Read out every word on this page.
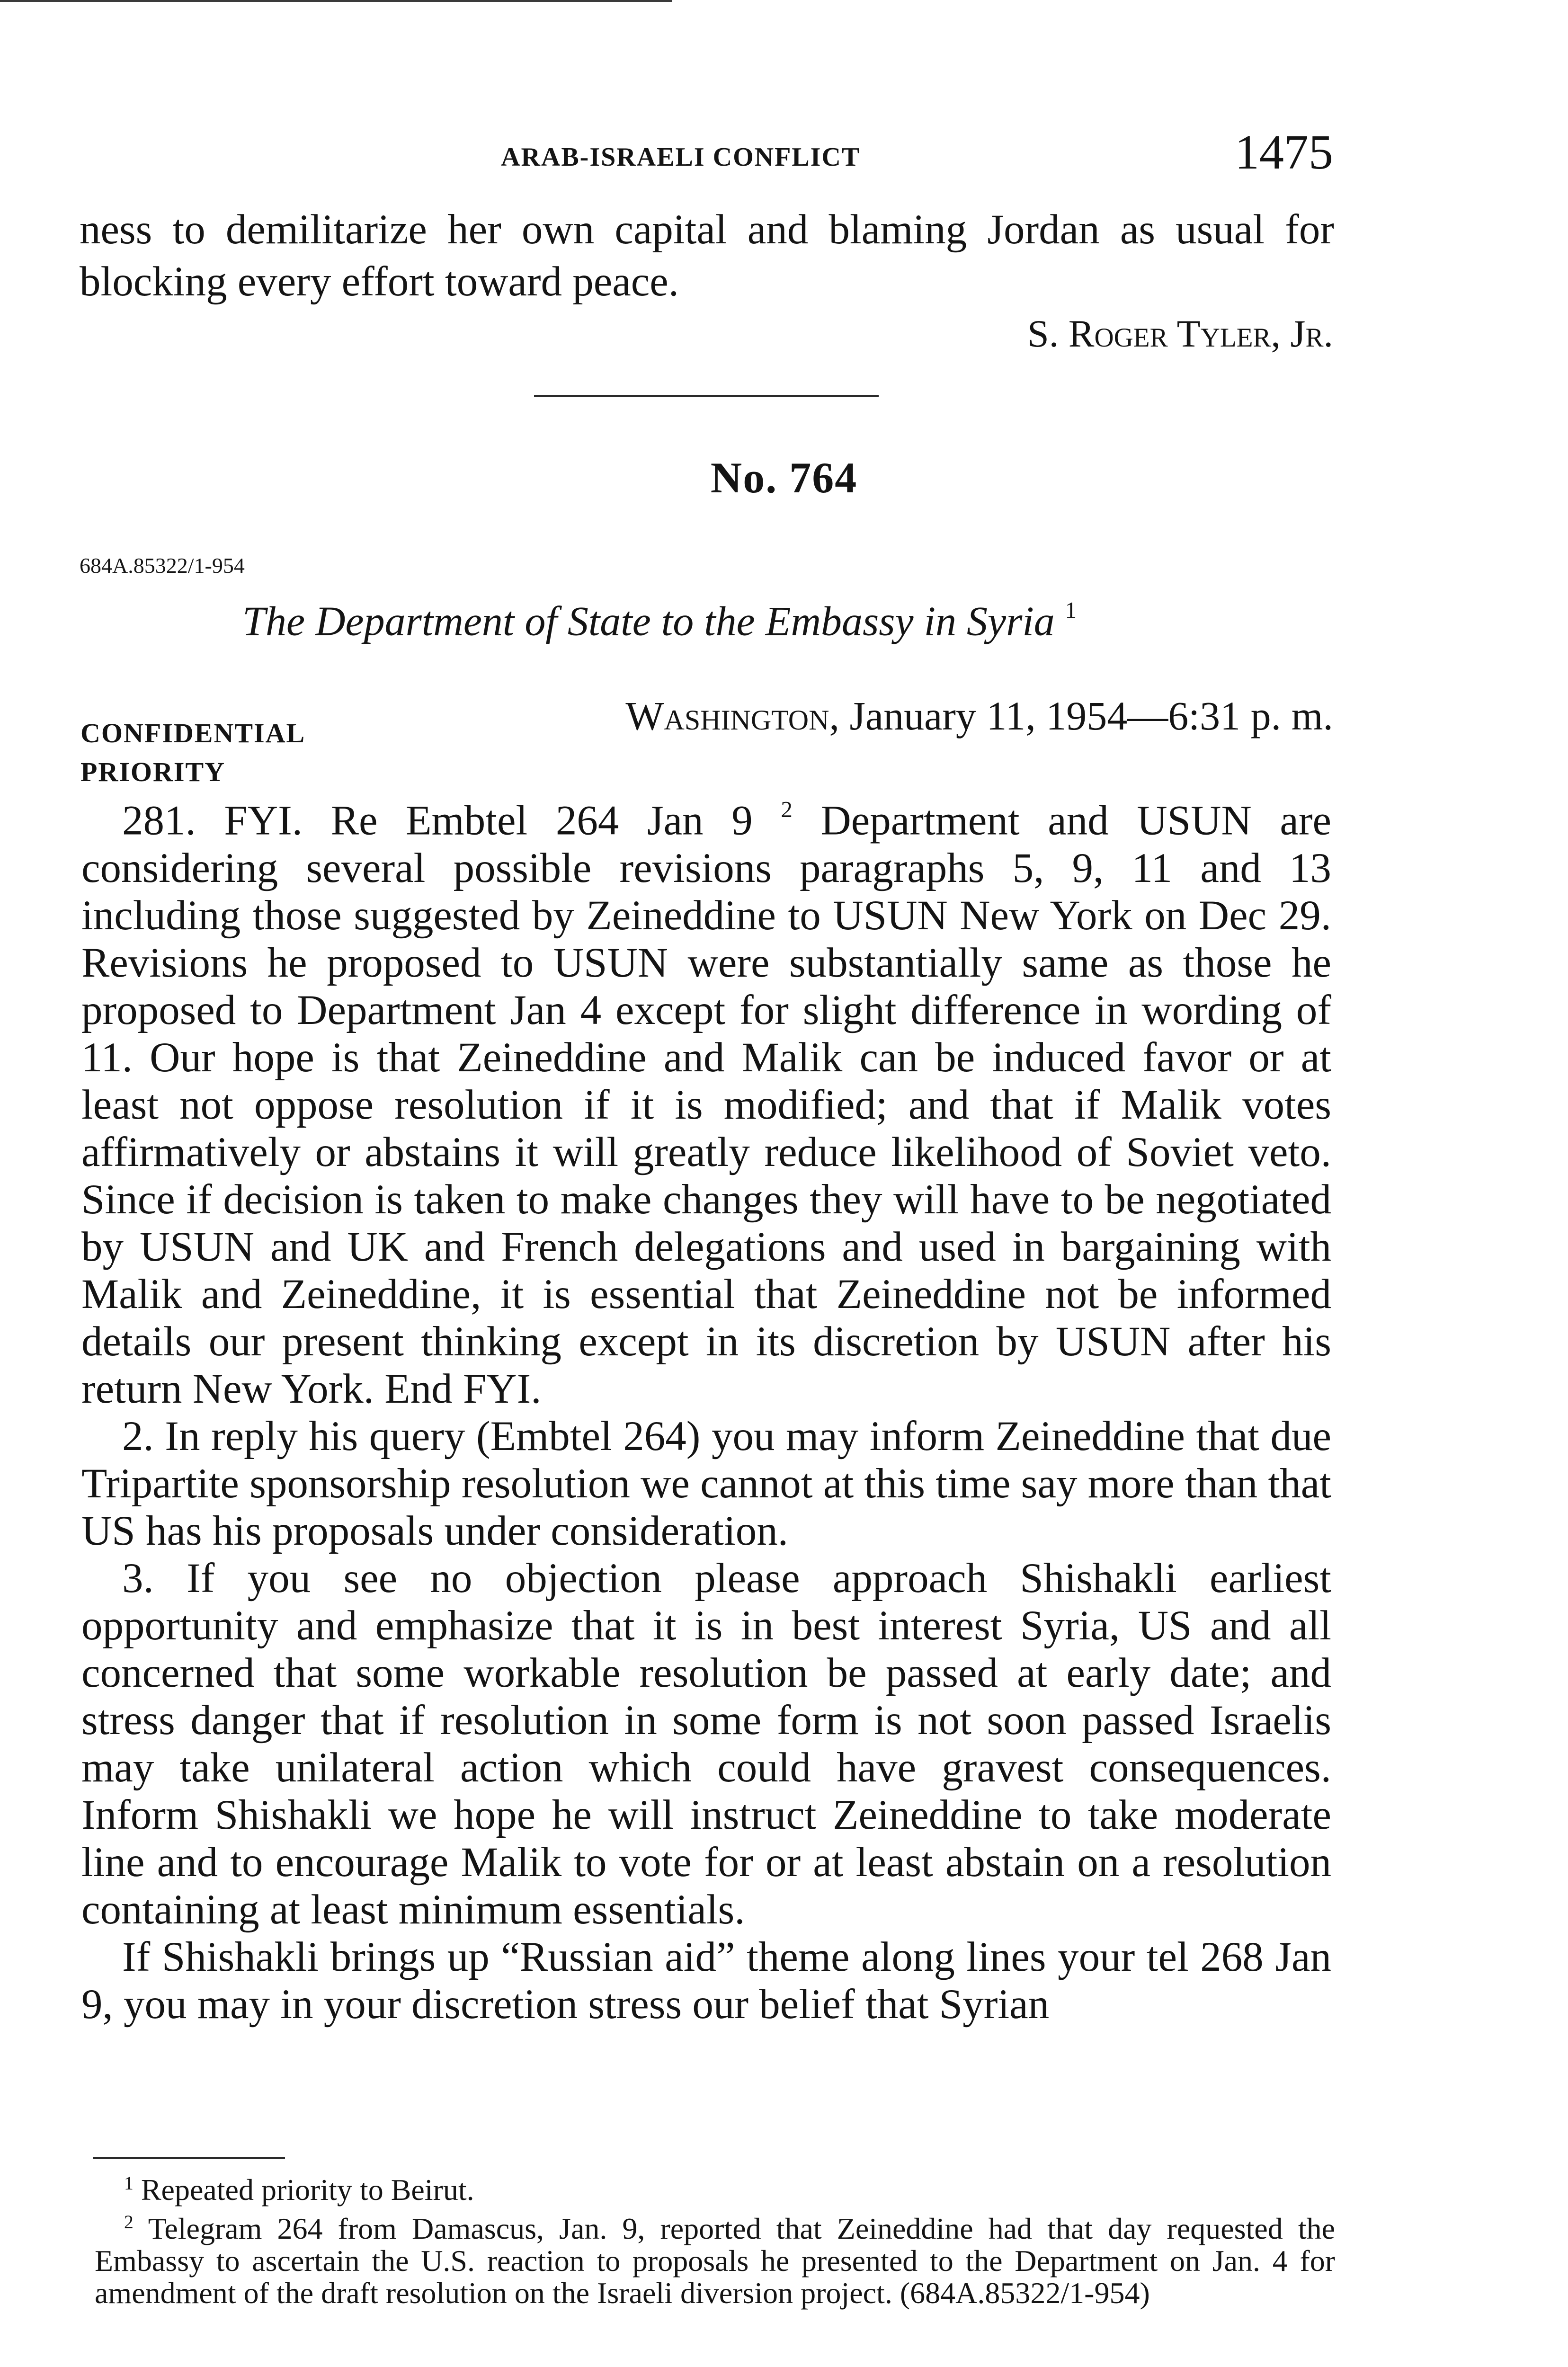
ARAB-ISRAELI CONFLICT	1475

ness to demilitarize her own capital and blaming Jordan as usual for blocking every effort toward peace.

S. Roger Tyler, Jr.
No. 764
684A.85322/1-954
The Department of State to the Embassy in Syria $^1$
CONFIDENTIAL
PRIORITY
Washington, January 11, 1954—6:31 p. m.

281. FYI. Re Embtel 264 Jan 9 $^2$ Department and USUN are considering several possible revisions paragraphs 5, 9, 11 and 13 including those suggested by Zeineddine to USUN New York on Dec 29. Revisions he proposed to USUN were substantially same as those he proposed to Department Jan 4 except for slight difference in wording of 11. Our hope is that Zeineddine and Malik can be induced favor or at least not oppose resolution if it is modified; and that if Malik votes affirmatively or abstains it will greatly reduce likelihood of Soviet veto. Since if decision is taken to make changes they will have to be negotiated by USUN and UK and French delegations and used in bargaining with Malik and Zeineddine, it is essential that Zeineddine not be informed details our present thinking except in its discretion by USUN after his return New York. End FYI.

2. In reply his query (Embtel 264) you may inform Zeineddine that due Tripartite sponsorship resolution we cannot at this time say more than that US has his proposals under consideration.

3. If you see no objection please approach Shishakli earliest opportunity and emphasize that it is in best interest Syria, US and all concerned that some workable resolution be passed at early date; and stress danger that if resolution in some form is not soon passed Israelis may take unilateral action which could have gravest consequences. Inform Shishakli we hope he will instruct Zeineddine to take moderate line and to encourage Malik to vote for or at least abstain on a resolution containing at least minimum essentials.

If Shishakli brings up “Russian aid” theme along lines your tel 268 Jan 9, you may in your discretion stress our belief that Syrian

$^1$ Repeated priority to Beirut.

$^2$ Telegram 264 from Damascus, Jan. 9, reported that Zeineddine had that day requested the Embassy to ascertain the U.S. reaction to proposals he presented to the Department on Jan. 4 for amendment of the draft resolution on the Israeli diversion project. (684A.85322/1-954)
